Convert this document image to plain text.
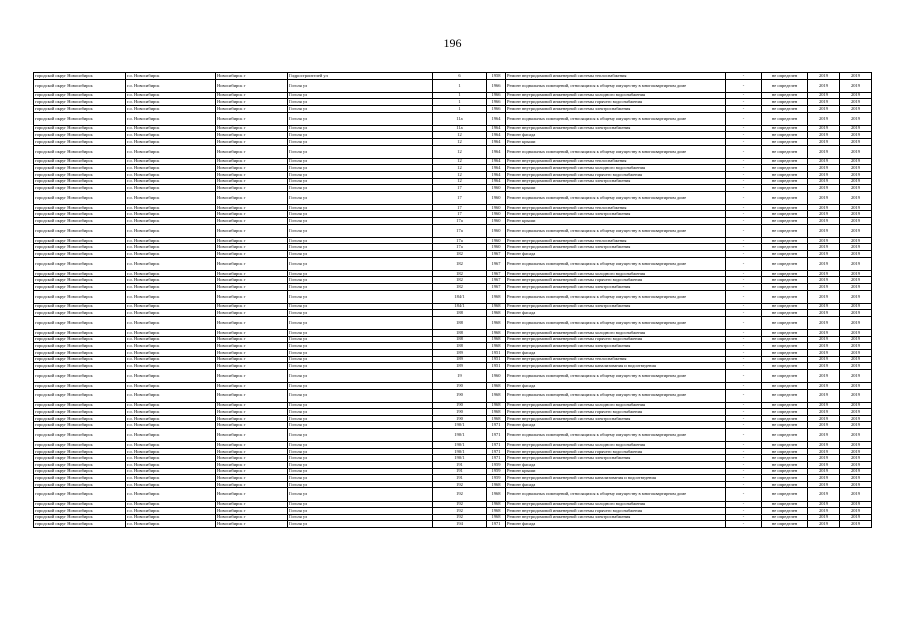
196
городской округ Новосибирск	г.о. Новосибирск	Новосибирск г	Гидростроителей ул	6	1958	Ремонт внутридомовой инженерной системы теплоснабжения	-	не определен	2019	2019
городской округ Новосибирск	г.о. Новосибирск	Новосибирск г	Гоголя ул	1	1966	Ремонт подвальных помещений, относящихся к общему имуществу в многоквартирном доме	-	не определен	2019	2019
городской округ Новосибирск	г.о. Новосибирск	Новосибирск г	Гоголя ул	1	1966	Ремонт внутридомовой инженерной системы холодного водоснабжения	-	не определен	2019	2019
городской округ Новосибирск	г.о. Новосибирск	Новосибирск г	Гоголя ул	1	1966	Ремонт внутридомовой инженерной системы горячего водоснабжения	-	не определен	2019	2019
городской округ Новосибирск	г.о. Новосибирск	Новосибирск г	Гоголя ул	1	1966	Ремонт внутридомовой инженерной системы электроснабжения	-	не определен	2019	2019
городской округ Новосибирск	г.о. Новосибирск	Новосибирск г	Гоголя ул	11а	1964	Ремонт подвальных помещений, относящихся к общему имуществу в многоквартирном доме	-	не определен	2019	2019
городской округ Новосибирск	г.о. Новосибирск	Новосибирск г	Гоголя ул	11а	1964	Ремонт внутридомовой инженерной системы электроснабжения	-	не определен	2019	2019
городской округ Новосибирск	г.о. Новосибирск	Новосибирск г	Гоголя ул	12	1964	Ремонт фасада	-	не определен	2019	2019
городской округ Новосибирск	г.о. Новосибирск	Новосибирск г	Гоголя ул	12	1964	Ремонт крыши	-	не определен	2019	2019
городской округ Новосибирск	г.о. Новосибирск	Новосибирск г	Гоголя ул	12	1964	Ремонт подвальных помещений, относящихся к общему имуществу в многоквартирном доме	-	не определен	2019	2019
городской округ Новосибирск	г.о. Новосибирск	Новосибирск г	Гоголя ул	12	1964	Ремонт внутридомовой инженерной системы теплоснабжения	-	не определен	2019	2019
городской округ Новосибирск	г.о. Новосибирск	Новосибирск г	Гоголя ул	12	1964	Ремонт внутридомовой инженерной системы холодного водоснабжения	-	не определен	2019	2019
городской округ Новосибирск	г.о. Новосибирск	Новосибирск г	Гоголя ул	12	1964	Ремонт внутридомовой инженерной системы горячего водоснабжения	-	не определен	2019	2019
городской округ Новосибирск	г.о. Новосибирск	Новосибирск г	Гоголя ул	12	1964	Ремонт внутридомовой инженерной системы электроснабжения	-	не определен	2019	2019
городской округ Новосибирск	г.о. Новосибирск	Новосибирск г	Гоголя ул	17	1960	Ремонт крыши	-	не определен	2019	2019
городской округ Новосибирск	г.о. Новосибирск	Новосибирск г	Гоголя ул	17	1960	Ремонт подвальных помещений, относящихся к общему имуществу в многоквартирном доме	-	не определен	2019	2019
городской округ Новосибирск	г.о. Новосибирск	Новосибирск г	Гоголя ул	17	1960	Ремонт внутридомовой инженерной системы теплоснабжения	-	не определен	2019	2019
городской округ Новосибирск	г.о. Новосибирск	Новосибирск г	Гоголя ул	17	1960	Ремонт внутридомовой инженерной системы электроснабжения	-	не определен	2019	2019
городской округ Новосибирск	г.о. Новосибирск	Новосибирск г	Гоголя ул	17а	1960	Ремонт крыши	-	не определен	2019	2019
городской округ Новосибирск	г.о. Новосибирск	Новосибирск г	Гоголя ул	17а	1960	Ремонт подвальных помещений, относящихся к общему имуществу в многоквартирном доме	-	не определен	2019	2019
городской округ Новосибирск	г.о. Новосибирск	Новосибирск г	Гоголя ул	17а	1960	Ремонт внутридомовой инженерной системы теплоснабжения	-	не определен	2019	2019
городской округ Новосибирск	г.о. Новосибирск	Новосибирск г	Гоголя ул	17а	1960	Ремонт внутридомовой инженерной системы электроснабжения	-	не определен	2019	2019
городской округ Новосибирск	г.о. Новосибирск	Новосибирск г	Гоголя ул	182	1967	Ремонт фасада	-	не определен	2019	2019
городской округ Новосибирск	г.о. Новосибирск	Новосибирск г	Гоголя ул	182	1967	Ремонт подвальных помещений, относящихся к общему имуществу в многоквартирном доме	-	не определен	2019	2019
городской округ Новосибирск	г.о. Новосибирск	Новосибирск г	Гоголя ул	182	1967	Ремонт внутридомовой инженерной системы холодного водоснабжения	-	не определен	2019	2019
городской округ Новосибирск	г.о. Новосибирск	Новосибирск г	Гоголя ул	182	1967	Ремонт внутридомовой инженерной системы горячего водоснабжения	-	не определен	2019	2019
городской округ Новосибирск	г.о. Новосибирск	Новосибирск г	Гоголя ул	182	1967	Ремонт внутридомовой инженерной системы электроснабжения	-	не определен	2019	2019
городской округ Новосибирск	г.о. Новосибирск	Новосибирск г	Гоголя ул	184/1	1968	Ремонт подвальных помещений, относящихся к общему имуществу в многоквартирном доме	-	не определен	2019	2019
городской округ Новосибирск	г.о. Новосибирск	Новосибирск г	Гоголя ул	184/1	1968	Ремонт внутридомовой инженерной системы электроснабжения	-	не определен	2019	2019
городской округ Новосибирск	г.о. Новосибирск	Новосибирск г	Гоголя ул	188	1968	Ремонт фасада	-	не определен	2019	2019
городской округ Новосибирск	г.о. Новосибирск	Новосибирск г	Гоголя ул	188	1968	Ремонт подвальных помещений, относящихся к общему имуществу в многоквартирном доме	-	не определен	2019	2019
городской округ Новосибирск	г.о. Новосибирск	Новосибирск г	Гоголя ул	188	1968	Ремонт внутридомовой инженерной системы холодного водоснабжения	-	не определен	2019	2019
городской округ Новосибирск	г.о. Новосибирск	Новосибирск г	Гоголя ул	188	1968	Ремонт внутридомовой инженерной системы горячего водоснабжения	-	не определен	2019	2019
городской округ Новосибирск	г.о. Новосибирск	Новосибирск г	Гоголя ул	188	1968	Ремонт внутридомовой инженерной системы электроснабжения	-	не определен	2019	2019
городской округ Новосибирск	г.о. Новосибирск	Новосибирск г	Гоголя ул	189	1951	Ремонт фасада	-	не определен	2019	2019
городской округ Новосибирск	г.о. Новосибирск	Новосибирск г	Гоголя ул	189	1951	Ремонт внутридомовой инженерной системы теплоснабжения	-	не определен	2019	2019
городской округ Новосибирск	г.о. Новосибирск	Новосибирск г	Гоголя ул	189	1951	Ремонт внутридомовой инженерной системы канализования и водоотведения	-	не определен	2019	2019
городской округ Новосибирск	г.о. Новосибирск	Новосибирск г	Гоголя ул	19	1960	Ремонт подвальных помещений, относящихся к общему имуществу в многоквартирном доме	-	не определен	2019	2019
городской округ Новосибирск	г.о. Новосибирск	Новосибирск г	Гоголя ул	190	1968	Ремонт фасада	-	не определен	2019	2019
городской округ Новосибирск	г.о. Новосибирск	Новосибирск г	Гоголя ул	190	1968	Ремонт подвальных помещений, относящихся к общему имуществу в многоквартирном доме	-	не определен	2019	2019
городской округ Новосибирск	г.о. Новосибирск	Новосибирск г	Гоголя ул	190	1968	Ремонт внутридомовой инженерной системы холодного водоснабжения	-	не определен	2019	2019
городской округ Новосибирск	г.о. Новосибирск	Новосибирск г	Гоголя ул	190	1968	Ремонт внутридомовой инженерной системы горячего водоснабжения	-	не определен	2019	2019
городской округ Новосибирск	г.о. Новосибирск	Новосибирск г	Гоголя ул	190	1968	Ремонт внутридомовой инженерной системы электроснабжения	-	не определен	2019	2019
городской округ Новосибирск	г.о. Новосибирск	Новосибирск г	Гоголя ул	190/1	1971	Ремонт фасада	-	не определен	2019	2019
городской округ Новосибирск	г.о. Новосибирск	Новосибирск г	Гоголя ул	190/1	1971	Ремонт подвальных помещений, относящихся к общему имуществу в многоквартирном доме	-	не определен	2019	2019
городской округ Новосибирск	г.о. Новосибирск	Новосибирск г	Гоголя ул	190/1	1971	Ремонт внутридомовой инженерной системы холодного водоснабжения	-	не определен	2019	2019
городской округ Новосибирск	г.о. Новосибирск	Новосибирск г	Гоголя ул	190/1	1971	Ремонт внутридомовой инженерной системы горячего водоснабжения	-	не определен	2019	2019
городской округ Новосибирск	г.о. Новосибирск	Новосибирск г	Гоголя ул	190/1	1971	Ремонт внутридомовой инженерной системы электроснабжения	-	не определен	2019	2019
городской округ Новосибирск	г.о. Новосибирск	Новосибирск г	Гоголя ул	191	1959	Ремонт фасада	-	не определен	2019	2019
городской округ Новосибирск	г.о. Новосибирск	Новосибирск г	Гоголя ул	191	1959	Ремонт крыши	-	не определен	2019	2019
городской округ Новосибирск	г.о. Новосибирск	Новосибирск г	Гоголя ул	191	1959	Ремонт внутридомовой инженерной системы канализования и водоотведения	-	не определен	2019	2019
городской округ Новосибирск	г.о. Новосибирск	Новосибирск г	Гоголя ул	192	1968	Ремонт фасада	-	не определен	2019	2019
городской округ Новосибирск	г.о. Новосибирск	Новосибирск г	Гоголя ул	192	1968	Ремонт подвальных помещений, относящихся к общему имуществу в многоквартирном доме	-	не определен	2019	2019
городской округ Новосибирск	г.о. Новосибирск	Новосибирск г	Гоголя ул	192	1968	Ремонт внутридомовой инженерной системы холодного водоснабжения	-	не определен	2019	2019
городской округ Новосибирск	г.о. Новосибирск	Новосибирск г	Гоголя ул	192	1968	Ремонт внутридомовой инженерной системы горячего водоснабжения	-	не определен	2019	2019
городской округ Новосибирск	г.о. Новосибирск	Новосибирск г	Гоголя ул	192	1968	Ремонт внутридомовой инженерной системы электроснабжения	-	не определен	2019	2019
городской округ Новосибирск	г.о. Новосибирск	Новосибирск г	Гоголя ул	194	1971	Ремонт фасада	-	не определен	2019	2019
